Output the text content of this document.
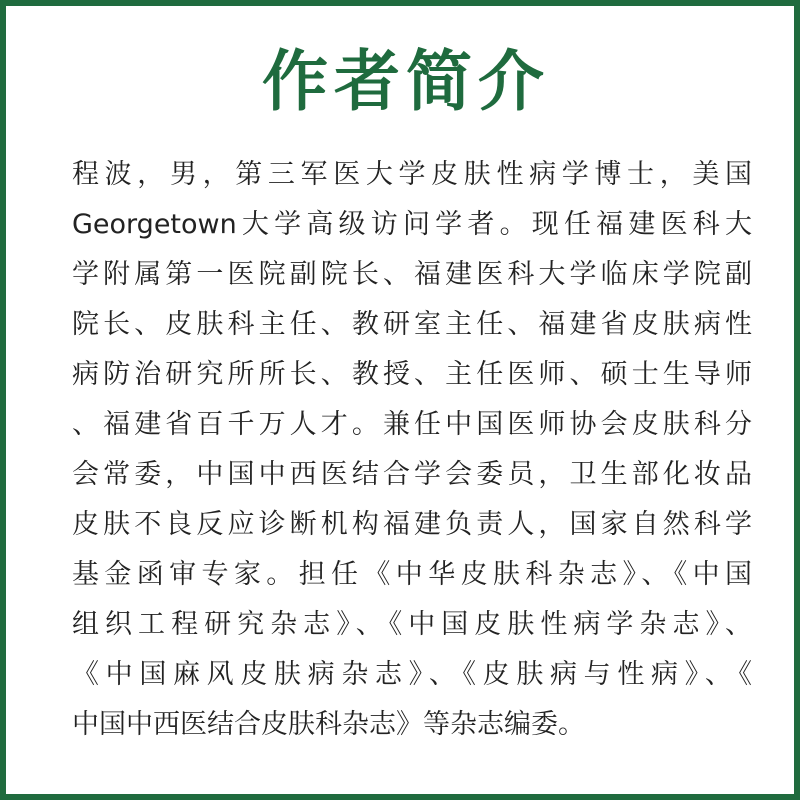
作者简介
程波，男，第三军医大学皮肤性病学博士，美国
Georgetown大学高级访问学者。现任福建医科大
学附属第一医院副院长、福建医科大学临床学院副
院长、皮肤科主任、教研室主任、福建省皮肤病性
病防治研究所所长、教授、主任医师、硕士生导师
、福建省百千万人才。兼任中国医师协会皮肤科分
会常委，中国中西医结合学会委员，卫生部化妆品
皮肤不良反应诊断机构福建负责人，国家自然科学
基金函审专家。担任《中华皮肤科杂志》、《中国
组织工程研究杂志》、《中国皮肤性病学杂志》、
《中国麻风皮肤病杂志》、《皮肤病与性病》、《
中国中西医结合皮肤科杂志》等杂志编委。
